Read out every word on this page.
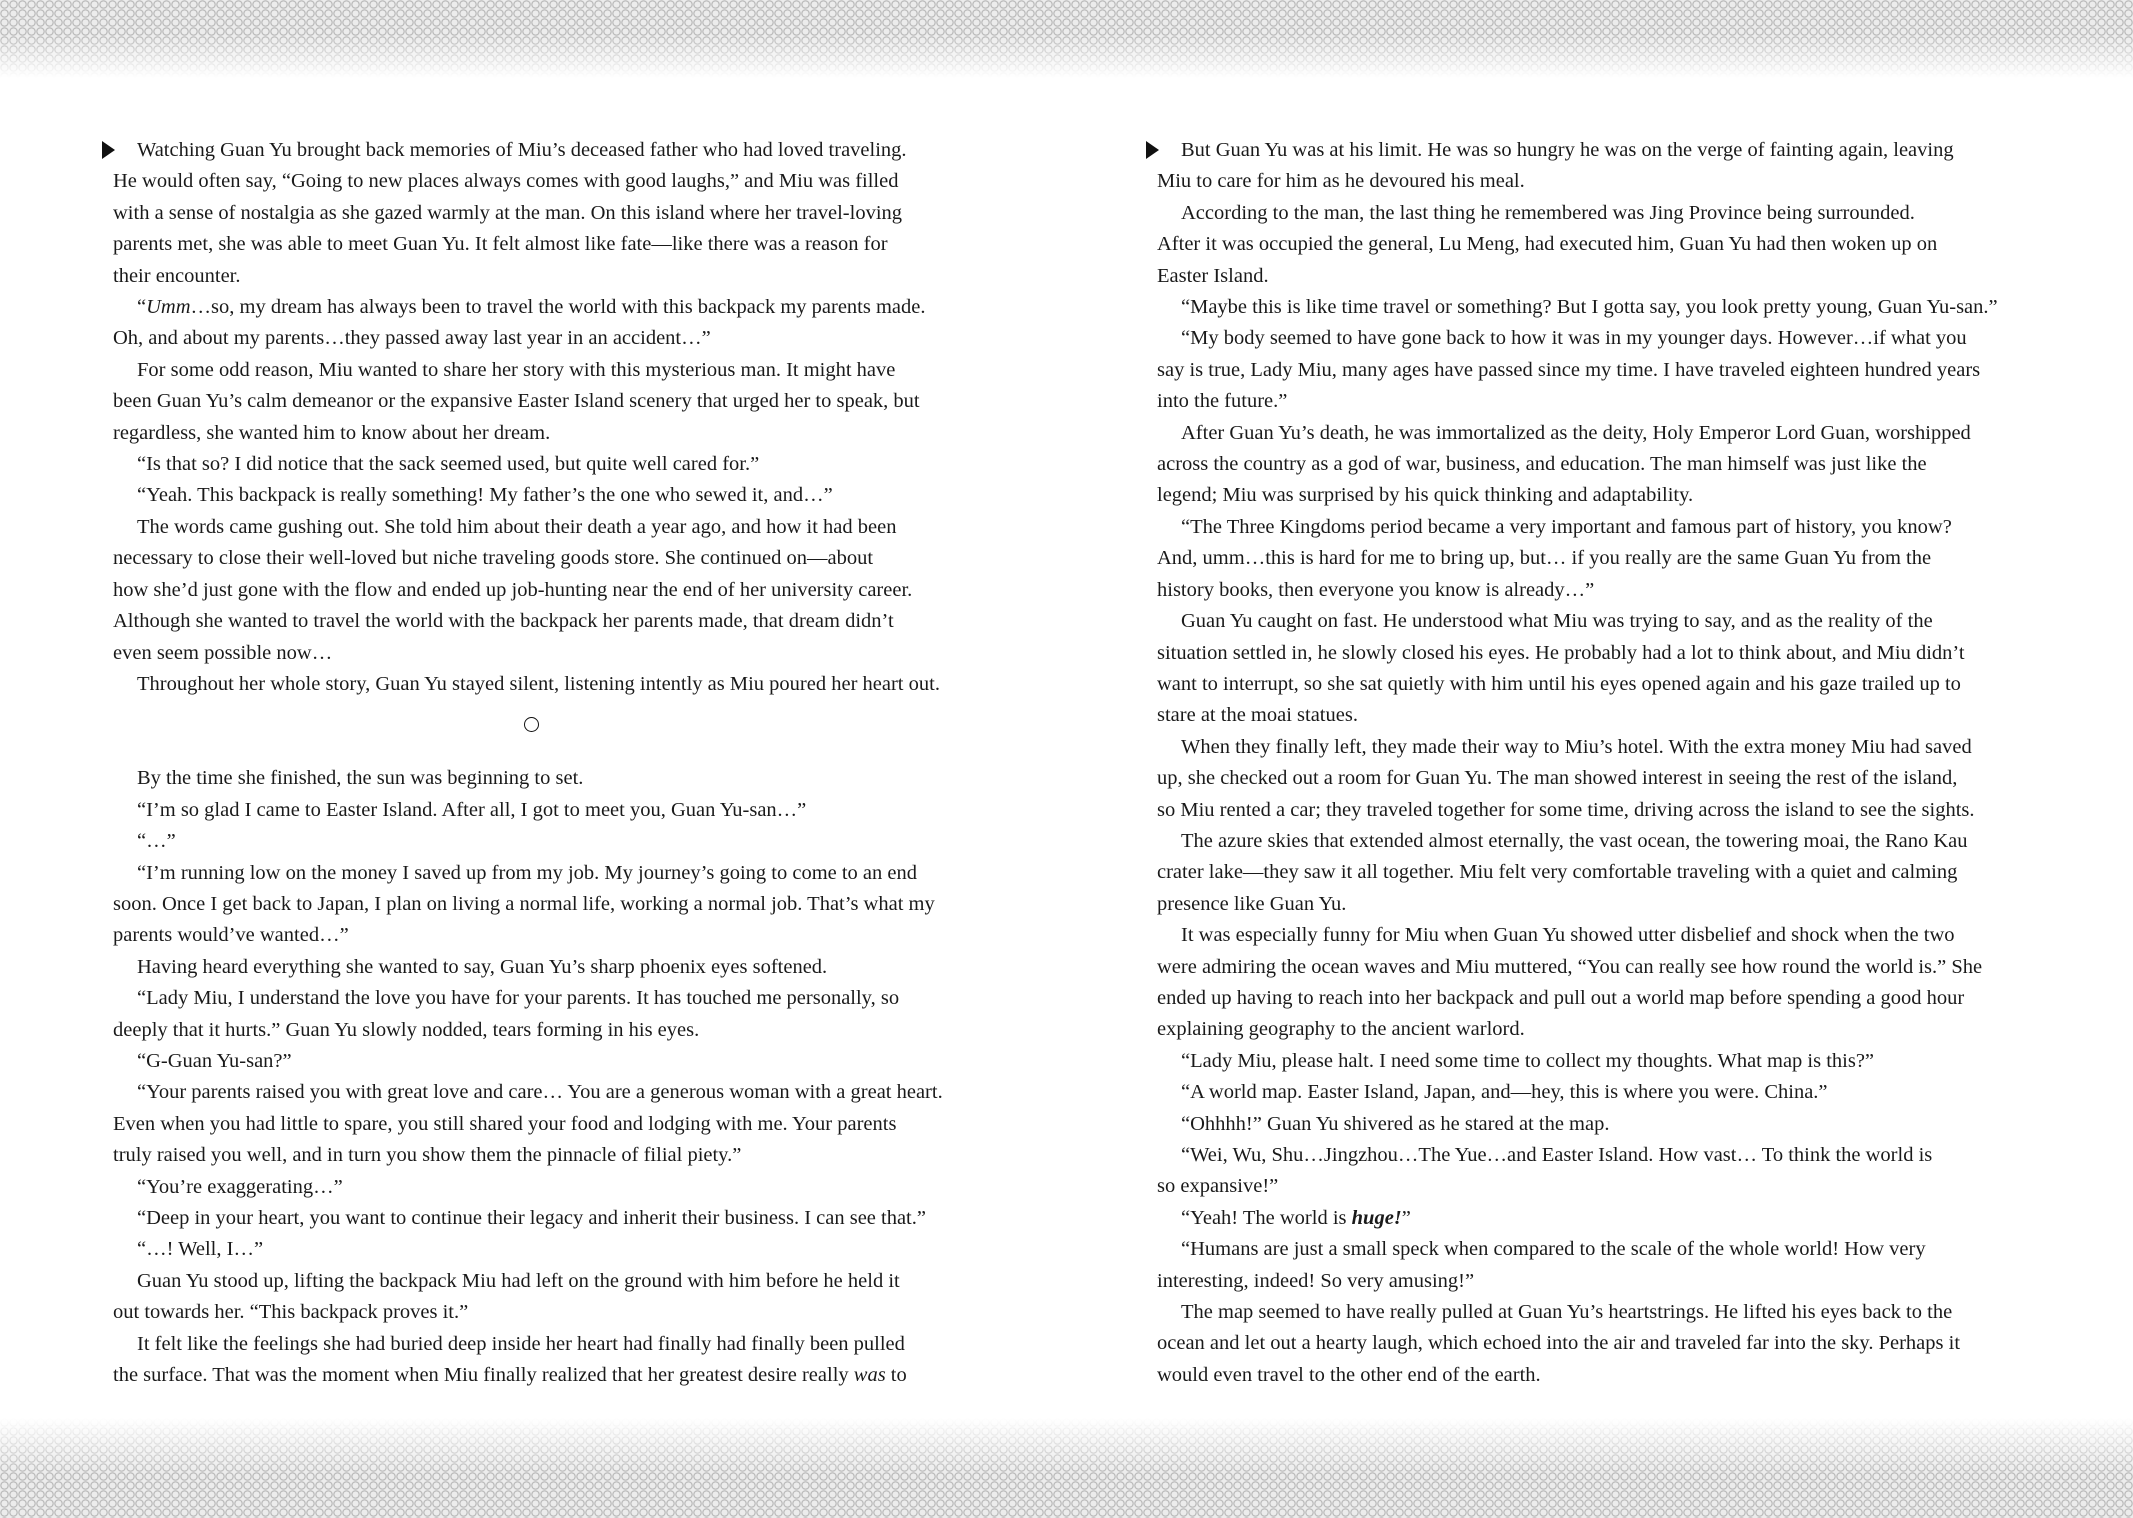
Watching Guan Yu brought back memories of Miu’s deceased father who had loved traveling.
He would often say, “Going to new places always comes with good laughs,” and Miu was filled
with a sense of nostalgia as she gazed warmly at the man. On this island where her travel-loving
parents met, she was able to meet Guan Yu. It felt almost like fate—like there was a reason for
their encounter.

“Umm…so, my dream has always been to travel the world with this backpack my parents made.
Oh, and about my parents…they passed away last year in an accident…”

For some odd reason, Miu wanted to share her story with this mysterious man. It might have
been Guan Yu’s calm demeanor or the expansive Easter Island scenery that urged her to speak, but
regardless, she wanted him to know about her dream.

“Is that so? I did notice that the sack seemed used, but quite well cared for.”

“Yeah. This backpack is really something! My father’s the one who sewed it, and…”

The words came gushing out. She told him about their death a year ago, and how it had been
necessary to close their well-loved but niche traveling goods store. She continued on—about
how she’d just gone with the flow and ended up job-hunting near the end of her university career.
Although she wanted to travel the world with the backpack her parents made, that dream didn’t
even seem possible now…

Throughout her whole story, Guan Yu stayed silent, listening intently as Miu poured her heart out.

By the time she finished, the sun was beginning to set.

“I’m so glad I came to Easter Island. After all, I got to meet you, Guan Yu-san…”

“…”

“I’m running low on the money I saved up from my job. My journey’s going to come to an end
soon. Once I get back to Japan, I plan on living a normal life, working a normal job. That’s what my
parents would’ve wanted…”

Having heard everything she wanted to say, Guan Yu’s sharp phoenix eyes softened.

“Lady Miu, I understand the love you have for your parents. It has touched me personally, so
deeply that it hurts.” Guan Yu slowly nodded, tears forming in his eyes.

“G-Guan Yu-san?”

“Your parents raised you with great love and care… You are a generous woman with a great heart.
Even when you had little to spare, you still shared your food and lodging with me. Your parents
truly raised you well, and in turn you show them the pinnacle of filial piety.”

“You’re exaggerating…”

“Deep in your heart, you want to continue their legacy and inherit their business. I can see that.”

“…! Well, I…”

Guan Yu stood up, lifting the backpack Miu had left on the ground with him before he held it
out towards her. “This backpack proves it.”

It felt like the feelings she had buried deep inside her heart had finally had finally been pulled
the surface. That was the moment when Miu finally realized that her greatest desire really was to

But Guan Yu was at his limit. He was so hungry he was on the verge of fainting again, leaving
Miu to care for him as he devoured his meal.

According to the man, the last thing he remembered was Jing Province being surrounded.
After it was occupied the general, Lu Meng, had executed him, Guan Yu had then woken up on
Easter Island.

“Maybe this is like time travel or something? But I gotta say, you look pretty young, Guan Yu-san.”

“My body seemed to have gone back to how it was in my younger days. However…if what you
say is true, Lady Miu, many ages have passed since my time. I have traveled eighteen hundred years
into the future.”

After Guan Yu’s death, he was immortalized as the deity, Holy Emperor Lord Guan, worshipped
across the country as a god of war, business, and education. The man himself was just like the
legend; Miu was surprised by his quick thinking and adaptability.

“The Three Kingdoms period became a very important and famous part of history, you know?
And, umm…this is hard for me to bring up, but… if you really are the same Guan Yu from the
history books, then everyone you know is already…”

Guan Yu caught on fast. He understood what Miu was trying to say, and as the reality of the
situation settled in, he slowly closed his eyes. He probably had a lot to think about, and Miu didn’t
want to interrupt, so she sat quietly with him until his eyes opened again and his gaze trailed up to
stare at the moai statues.

When they finally left, they made their way to Miu’s hotel. With the extra money Miu had saved
up, she checked out a room for Guan Yu. The man showed interest in seeing the rest of the island,
so Miu rented a car; they traveled together for some time, driving across the island to see the sights.

The azure skies that extended almost eternally, the vast ocean, the towering moai, the Rano Kau
crater lake—they saw it all together. Miu felt very comfortable traveling with a quiet and calming
presence like Guan Yu.

It was especially funny for Miu when Guan Yu showed utter disbelief and shock when the two
were admiring the ocean waves and Miu muttered, “You can really see how round the world is.” She
ended up having to reach into her backpack and pull out a world map before spending a good hour
explaining geography to the ancient warlord.

“Lady Miu, please halt. I need some time to collect my thoughts. What map is this?”

“A world map. Easter Island, Japan, and—hey, this is where you were. China.”

“Ohhhh!” Guan Yu shivered as he stared at the map.

“Wei, Wu, Shu…Jingzhou…The Yue…and Easter Island. How vast… To think the world is
so expansive!”

“Yeah! The world is huge!”

“Humans are just a small speck when compared to the scale of the whole world! How very
interesting, indeed! So very amusing!”

The map seemed to have really pulled at Guan Yu’s heartstrings. He lifted his eyes back to the
ocean and let out a hearty laugh, which echoed into the air and traveled far into the sky. Perhaps it
would even travel to the other end of the earth.
